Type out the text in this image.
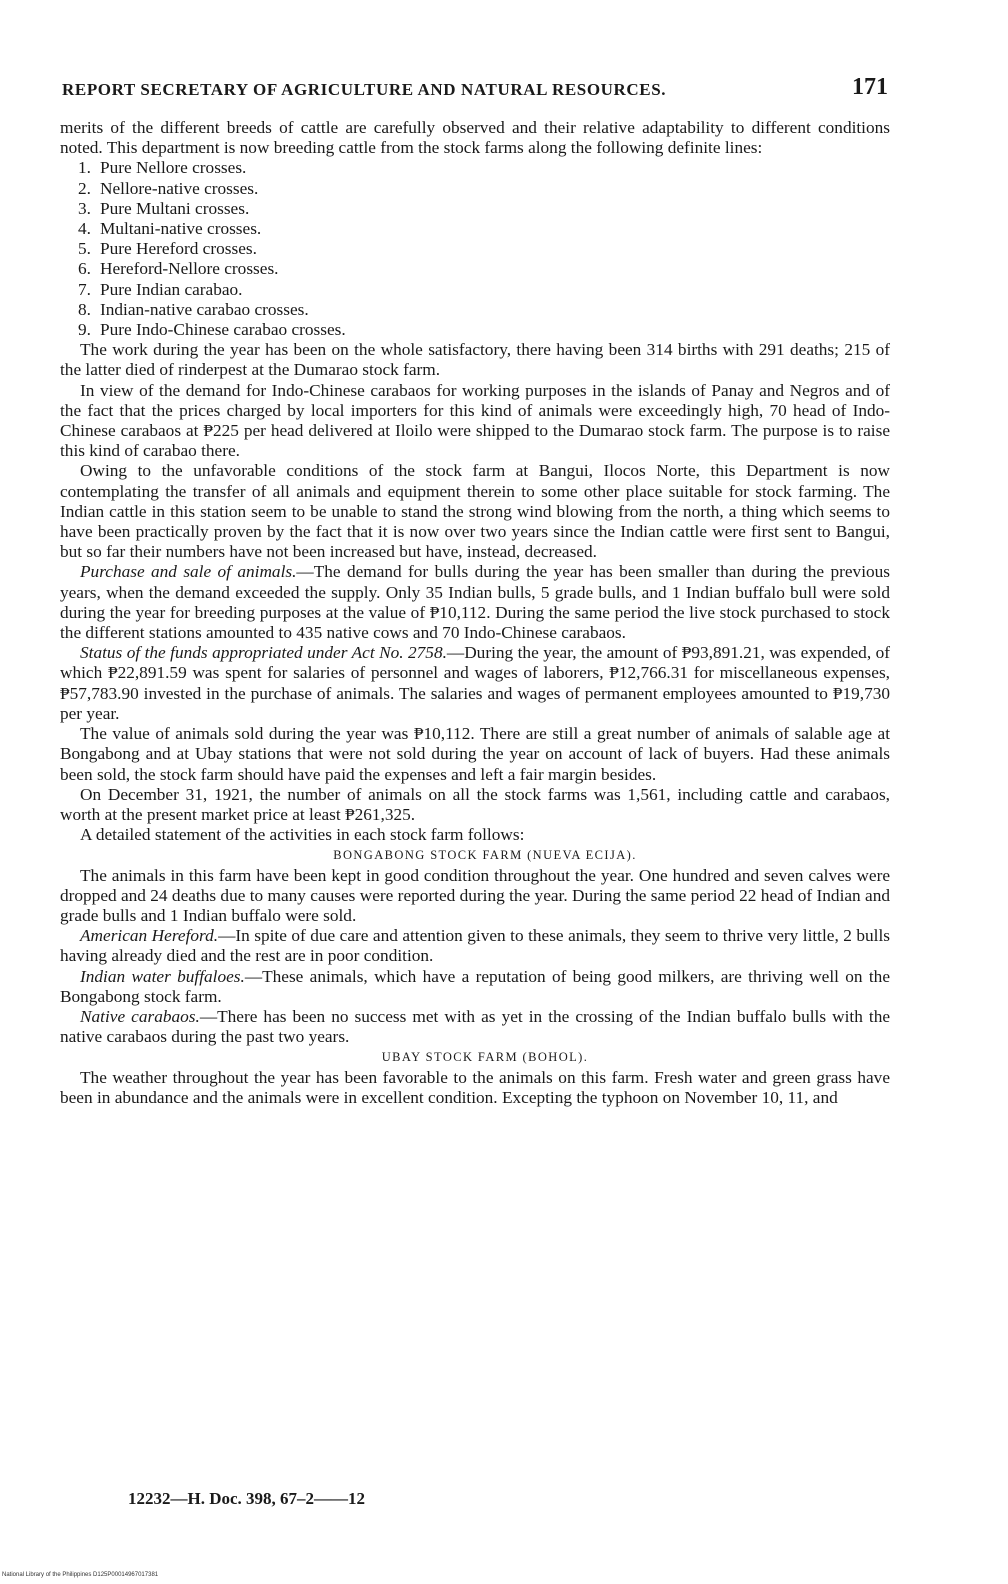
REPORT SECRETARY OF AGRICULTURE AND NATURAL RESOURCES.	171

merits of the different breeds of cattle are carefully observed and their relative adaptability to different conditions noted. This department is now breeding cattle from the stock farms along the following definite lines:

1. Pure Nellore crosses.
2. Nellore-native crosses.
3. Pure Multani crosses.
4. Multani-native crosses.
5. Pure Hereford crosses.
6. Hereford-Nellore crosses.
7. Pure Indian carabao.
8. Indian-native carabao crosses.
9. Pure Indo-Chinese carabao crosses.

The work during the year has been on the whole satisfactory, there having been 314 births with 291 deaths; 215 of the latter died of rinderpest at the Dumarao stock farm.

In view of the demand for Indo-Chinese carabaos for working purposes in the islands of Panay and Negros and of the fact that the prices charged by local importers for this kind of animals were exceedingly high, 70 head of Indo-Chinese carabaos at ₱225 per head delivered at Iloilo were shipped to the Dumarao stock farm. The purpose is to raise this kind of carabao there.

Owing to the unfavorable conditions of the stock farm at Bangui, Ilocos Norte, this Department is now contemplating the transfer of all animals and equipment therein to some other place suitable for stock farming. The Indian cattle in this station seem to be unable to stand the strong wind blowing from the north, a thing which seems to have been practically proven by the fact that it is now over two years since the Indian cattle were first sent to Bangui, but so far their numbers have not been increased but have, instead, decreased.

Purchase and sale of animals.—The demand for bulls during the year has been smaller than during the previous years, when the demand exceeded the supply. Only 35 Indian bulls, 5 grade bulls, and 1 Indian buffalo bull were sold during the year for breeding purposes at the value of ₱10,112. During the same period the live stock purchased to stock the different stations amounted to 435 native cows and 70 Indo-Chinese carabaos.

Status of the funds appropriated under Act No. 2758.—During the year, the amount of ₱93,891.21, was expended, of which ₱22,891.59 was spent for salaries of personnel and wages of laborers, ₱12,766.31 for miscellaneous expenses, ₱57,783.90 invested in the purchase of animals. The salaries and wages of permanent employees amounted to ₱19,730 per year.

The value of animals sold during the year was ₱10,112. There are still a great number of animals of salable age at Bongabong and at Ubay stations that were not sold during the year on account of lack of buyers. Had these animals been sold, the stock farm should have paid the expenses and left a fair margin besides.

On December 31, 1921, the number of animals on all the stock farms was 1,561, including cattle and carabaos, worth at the present market price at least ₱261,325.

A detailed statement of the activities in each stock farm follows:

BONGABONG STOCK FARM (NUEVA ECIJA).

The animals in this farm have been kept in good condition throughout the year. One hundred and seven calves were dropped and 24 deaths due to many causes were reported during the year. During the same period 22 head of Indian and grade bulls and 1 Indian buffalo were sold.

American Hereford.—In spite of due care and attention given to these animals, they seem to thrive very little, 2 bulls having already died and the rest are in poor condition.

Indian water buffaloes.—These animals, which have a reputation of being good milkers, are thriving well on the Bongabong stock farm.

Native carabaos.—There has been no success met with as yet in the crossing of the Indian buffalo bulls with the native carabaos during the past two years.

UBAY STOCK FARM (BOHOL).

The weather throughout the year has been favorable to the animals on this farm. Fresh water and green grass have been in abundance and the animals were in excellent condition. Excepting the typhoon on November 10, 11, and

12232—H. Doc. 398, 67–2——12
National Library of the Philippines D125P00014967017381
